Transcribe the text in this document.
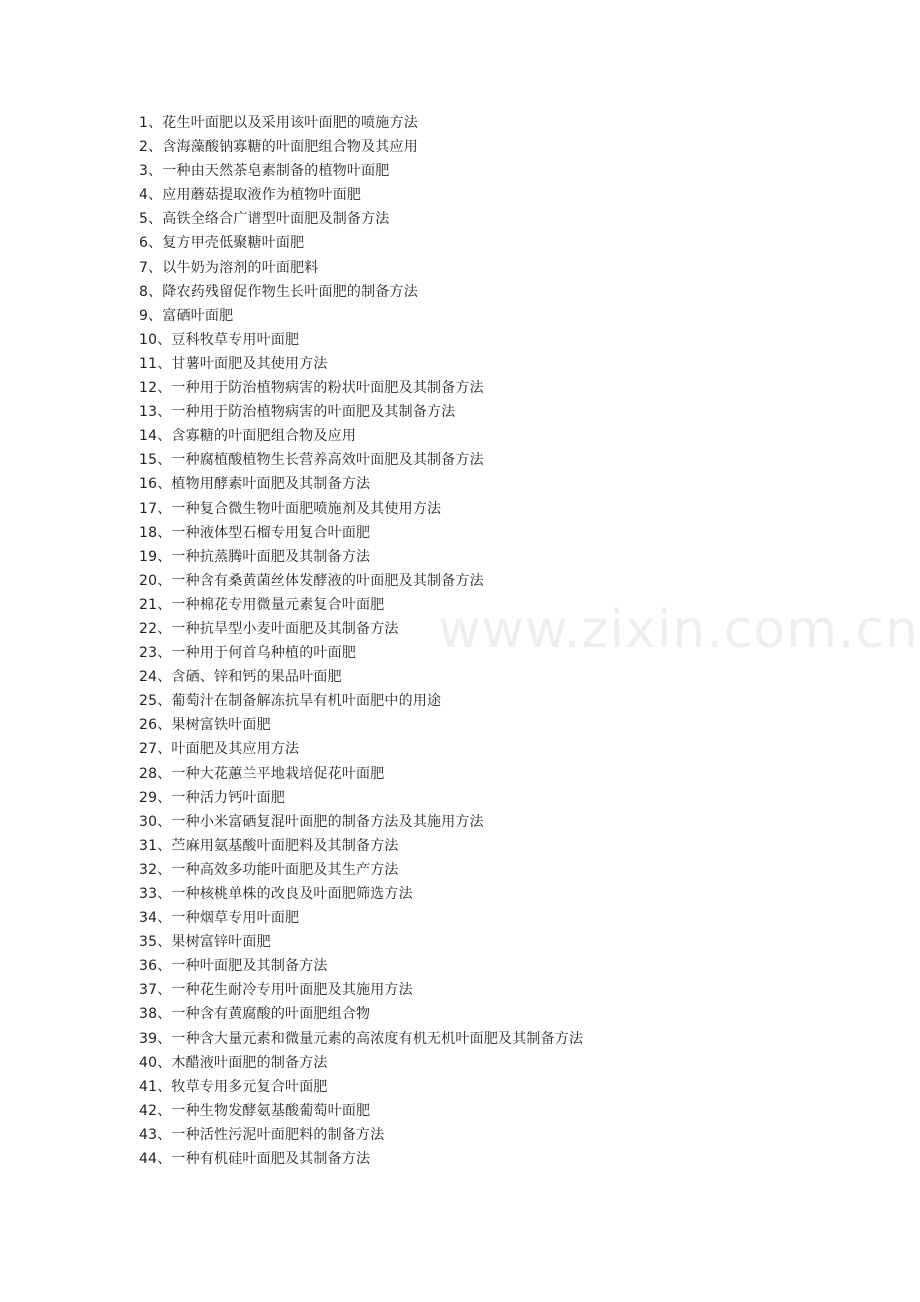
1、花生叶面肥以及采用该叶面肥的喷施方法
2、含海藻酸钠寡糖的叶面肥组合物及其应用
3、一种由天然茶皂素制备的植物叶面肥
4、应用蘑菇提取液作为植物叶面肥
5、高铁全络合广谱型叶面肥及制备方法
6、复方甲壳低聚糖叶面肥
7、以牛奶为溶剂的叶面肥料
8、降农药残留促作物生长叶面肥的制备方法
9、富硒叶面肥
10、豆科牧草专用叶面肥
11、甘薯叶面肥及其使用方法
12、一种用于防治植物病害的粉状叶面肥及其制备方法
13、一种用于防治植物病害的叶面肥及其制备方法
14、含寡糖的叶面肥组合物及应用
15、一种腐植酸植物生长营养高效叶面肥及其制备方法
16、植物用酵素叶面肥及其制备方法
17、一种复合微生物叶面肥喷施剂及其使用方法
18、一种液体型石榴专用复合叶面肥
19、一种抗蒸腾叶面肥及其制备方法
20、一种含有桑黄菌丝体发酵液的叶面肥及其制备方法
21、一种棉花专用微量元素复合叶面肥
22、一种抗旱型小麦叶面肥及其制备方法
23、一种用于何首乌种植的叶面肥
24、含硒、锌和钙的果品叶面肥
25、葡萄汁在制备解冻抗旱有机叶面肥中的用途
26、果树富铁叶面肥
27、叶面肥及其应用方法
28、一种大花蕙兰平地栽培促花叶面肥
29、一种活力钙叶面肥
30、一种小米富硒复混叶面肥的制备方法及其施用方法
31、苎麻用氨基酸叶面肥料及其制备方法
32、一种高效多功能叶面肥及其生产方法
33、一种核桃单株的改良及叶面肥筛选方法
34、一种烟草专用叶面肥
35、果树富锌叶面肥
36、一种叶面肥及其制备方法
37、一种花生耐冷专用叶面肥及其施用方法
38、一种含有黄腐酸的叶面肥组合物
39、一种含大量元素和微量元素的高浓度有机无机叶面肥及其制备方法
40、木醋液叶面肥的制备方法
41、牧草专用多元复合叶面肥
42、一种生物发酵氨基酸葡萄叶面肥
43、一种活性污泥叶面肥料的制备方法
44、一种有机硅叶面肥及其制备方法
www.zixin.com.cn
